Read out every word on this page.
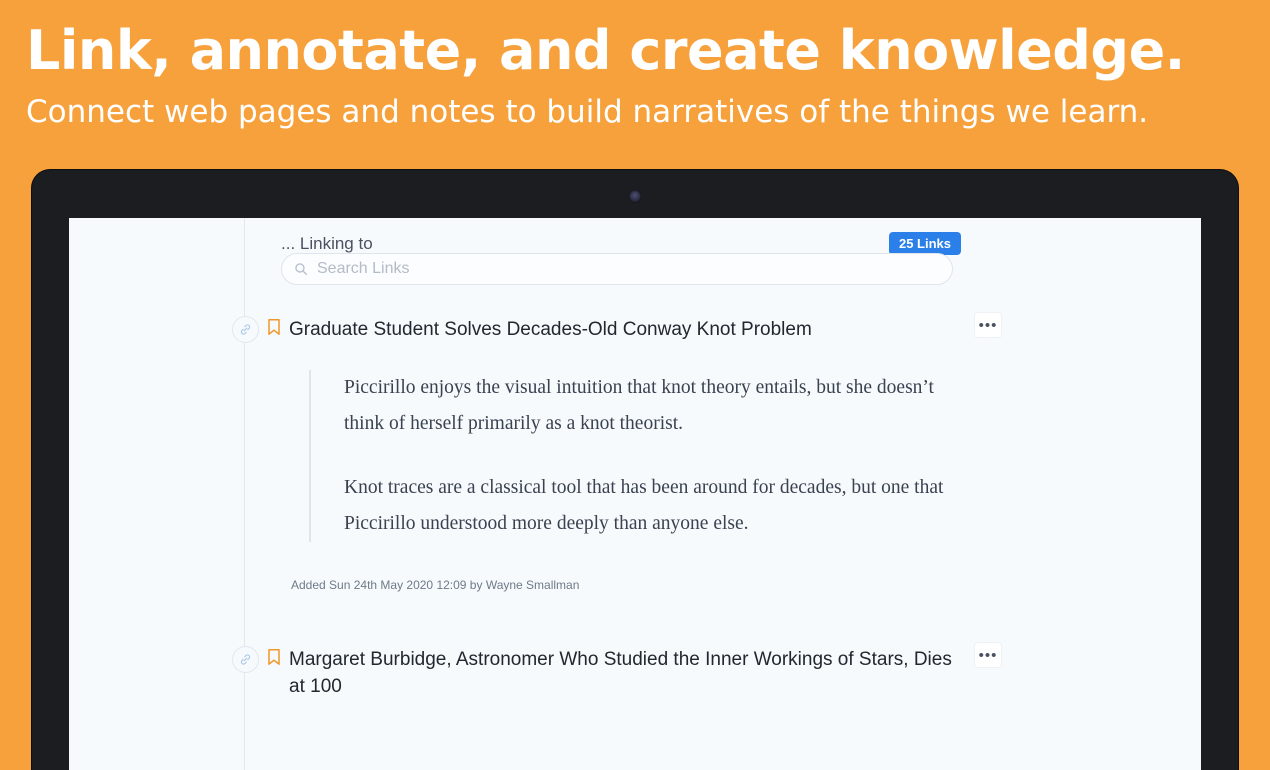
Link, annotate, and create knowledge.
Connect web pages and notes to build narratives of the things we learn.
... Linking to	25 Links
Search Links
Graduate Student Solves Decades-Old Conway Knot Problem	•••

Piccirillo enjoys the visual intuition that knot theory entails, but she doesn’t think of herself primarily as a knot theorist.

Knot traces are a classical tool that has been around for decades, but one that Piccirillo understood more deeply than anyone else.

Added Sun 24th May 2020 12:09 by Wayne Smallman
Margaret Burbidge, Astronomer Who Studied the Inner Workings of Stars, Dies at 100
•••
